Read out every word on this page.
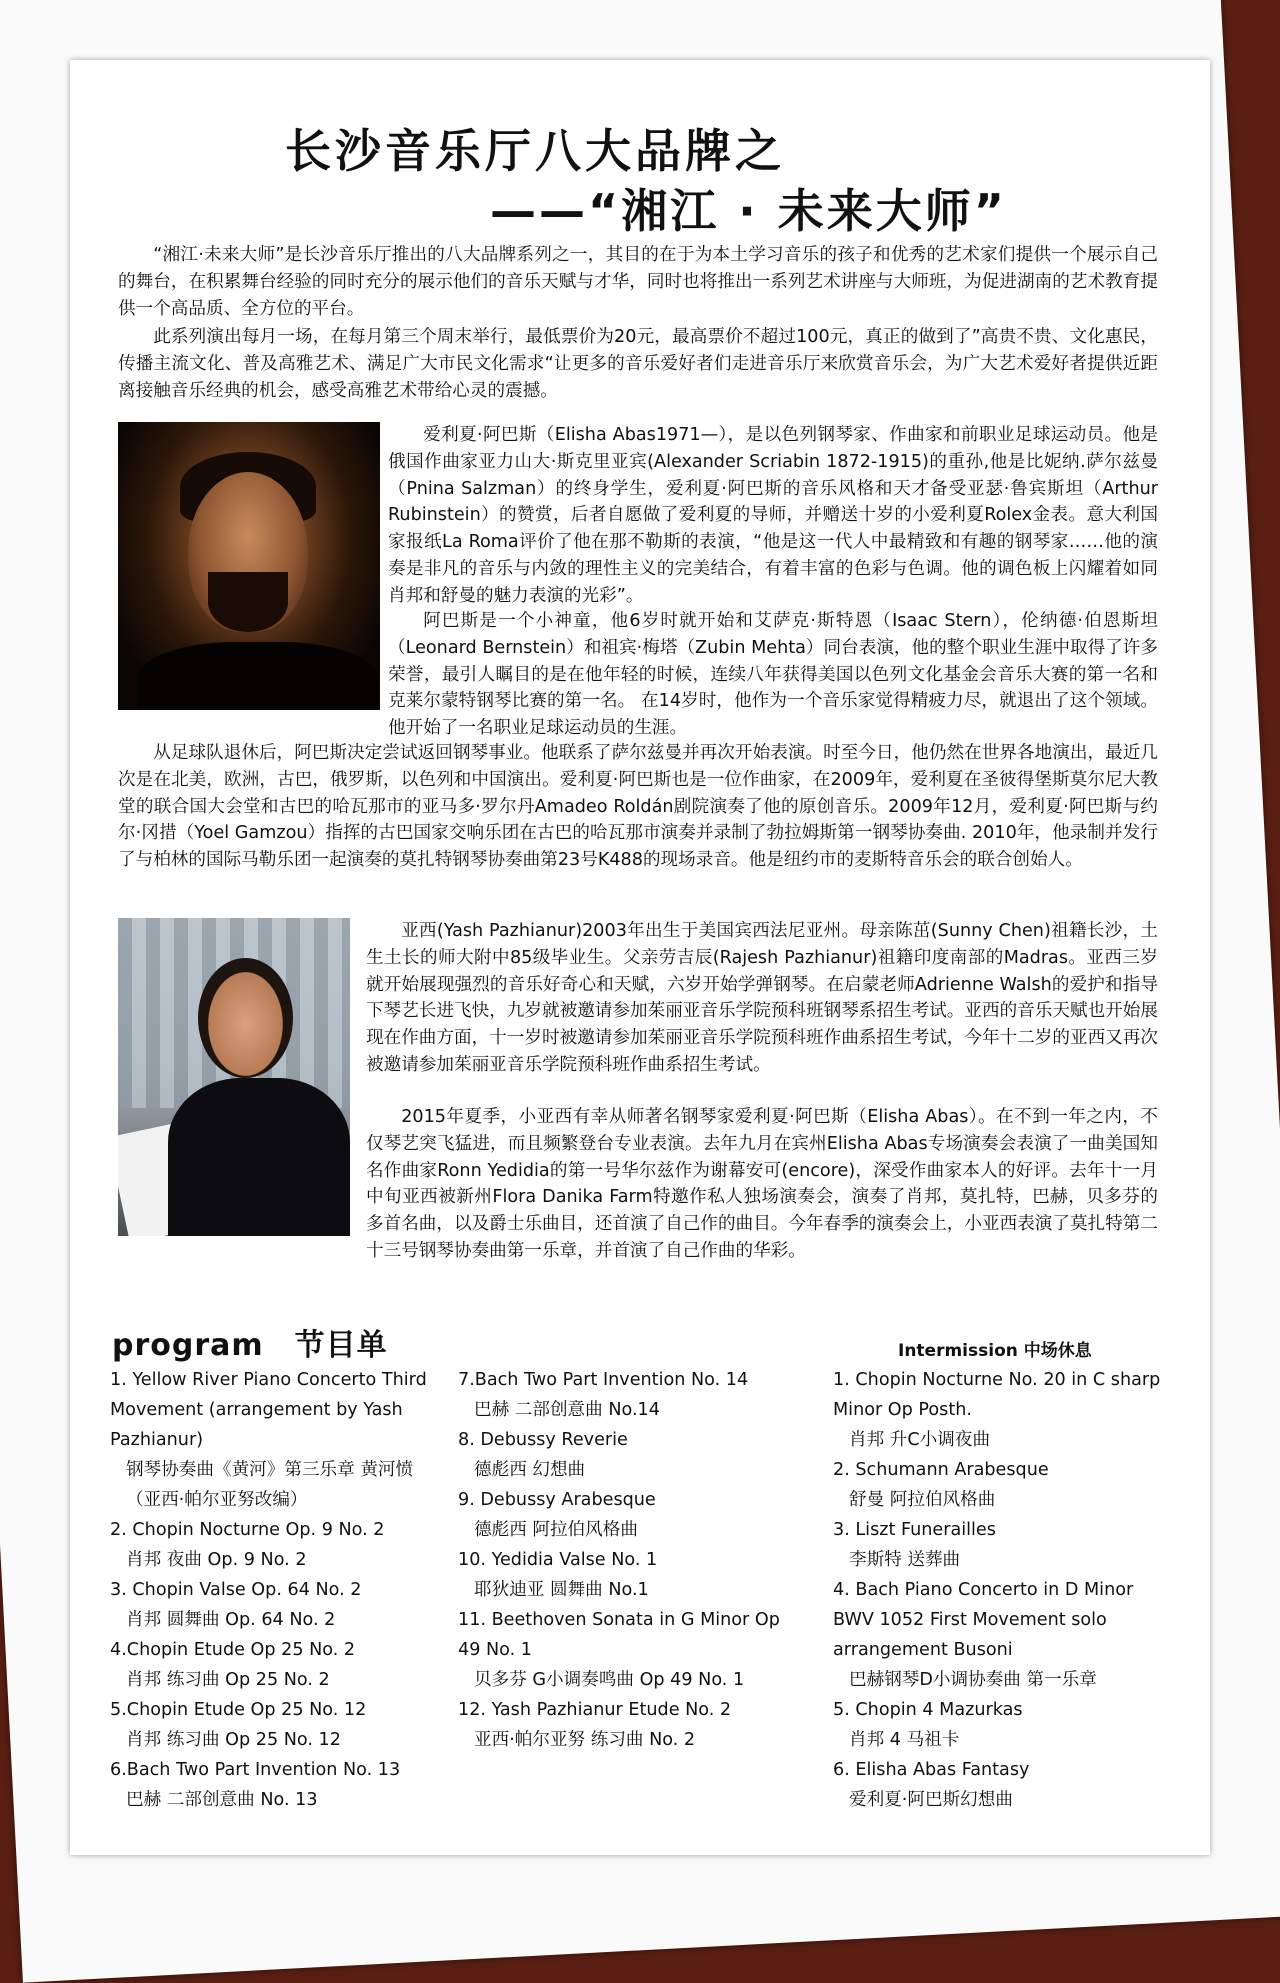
长沙音乐厅八大品牌之
——“湘江 · 未来大师”

“湘江·未来大师”是长沙音乐厅推出的八大品牌系列之一，其目的在于为本土学习音乐的孩子和优秀的艺术家们提供一个展示自己的舞台，在积累舞台经验的同时充分的展示他们的音乐天赋与才华，同时也将推出一系列艺术讲座与大师班，为促进湖南的艺术教育提供一个高品质、全方位的平台。

此系列演出每月一场，在每月第三个周末举行，最低票价为20元，最高票价不超过100元，真正的做到了”高贵不贵、文化惠民，传播主流文化、普及高雅艺术、满足广大市民文化需求“让更多的音乐爱好者们走进音乐厅来欣赏音乐会，为广大艺术爱好者提供近距离接触音乐经典的机会，感受高雅艺术带给心灵的震撼。

爱利夏·阿巴斯（Elisha Abas1971—），是以色列钢琴家、作曲家和前职业足球运动员。他是俄国作曲家亚力山大·斯克里亚宾(Alexander Scriabin 1872-1915)的重孙,他是比妮纳.萨尔兹曼（Pnina Salzman）的终身学生，爱利夏·阿巴斯的音乐风格和天才备受亚瑟·鲁宾斯坦（Arthur Rubinstein）的赞赏，后者自愿做了爱利夏的导师，并赠送十岁的小爱利夏Rolex金表。意大利国家报纸La Roma评价了他在那不勒斯的表演，“他是这一代人中最精致和有趣的钢琴家……他的演奏是非凡的音乐与内敛的理性主义的完美结合，有着丰富的色彩与色调。他的调色板上闪耀着如同肖邦和舒曼的魅力表演的光彩”。

阿巴斯是一个小神童，他6岁时就开始和艾萨克·斯特恩（Isaac Stern），伦纳德·伯恩斯坦（Leonard Bernstein）和祖宾·梅塔（Zubin Mehta）同台表演，他的整个职业生涯中取得了许多荣誉，最引人瞩目的是在他年轻的时候，连续八年获得美国以色列文化基金会音乐大赛的第一名和克莱尔蒙特钢琴比赛的第一名。 在14岁时，他作为一个音乐家觉得精疲力尽，就退出了这个领域。他开始了一名职业足球运动员的生涯。

从足球队退休后，阿巴斯决定尝试返回钢琴事业。他联系了萨尔兹曼并再次开始表演。时至今日，他仍然在世界各地演出，最近几次是在北美，欧洲，古巴，俄罗斯，以色列和中国演出。爱利夏·阿巴斯也是一位作曲家，在2009年，爱利夏在圣彼得堡斯莫尔尼大教堂的联合国大会堂和古巴的哈瓦那市的亚马多·罗尔丹Amadeo Roldán剧院演奏了他的原创音乐。2009年12月，爱利夏·阿巴斯与约尔·冈措（Yoel Gamzou）指挥的古巴国家交响乐团在古巴的哈瓦那市演奏并录制了勃拉姆斯第一钢琴协奏曲. 2010年，他录制并发行了与柏林的国际马勒乐团一起演奏的莫扎特钢琴协奏曲第23号K488的现场录音。他是纽约市的麦斯特音乐会的联合创始人。

亚西(Yash Pazhianur)2003年出生于美国宾西法尼亚州。母亲陈茁(Sunny Chen)祖籍长沙，土生土长的师大附中85级毕业生。父亲劳吉辰(Rajesh Pazhianur)祖籍印度南部的Madras。亚西三岁就开始展现强烈的音乐好奇心和天赋，六岁开始学弹钢琴。在启蒙老师Adrienne Walsh的爱护和指导下琴艺长进飞快，九岁就被邀请参加茱丽亚音乐学院预科班钢琴系招生考试。亚西的音乐天赋也开始展现在作曲方面，十一岁时被邀请参加茱丽亚音乐学院预科班作曲系招生考试，今年十二岁的亚西又再次被邀请参加茱丽亚音乐学院预科班作曲系招生考试。

2015年夏季，小亚西有幸从师著名钢琴家爱利夏·阿巴斯（Elisha Abas）。在不到一年之内，不仅琴艺突飞猛进，而且频繁登台专业表演。去年九月在宾州Elisha Abas专场演奏会表演了一曲美国知名作曲家Ronn Yedidia的第一号华尔兹作为谢幕安可(encore)，深受作曲家本人的好评。去年十一月中旬亚西被新州Flora Danika Farm特邀作私人独场演奏会，演奏了肖邦，莫扎特，巴赫，贝多芬的多首名曲，以及爵士乐曲目，还首演了自己作的曲目。今年春季的演奏会上，小亚西表演了莫扎特第二十三号钢琴协奏曲第一乐章，并首演了自己作曲的华彩。

program　节目单	Intermission 中场休息
1. Yellow River Piano Concerto Third Movement (arrangement by Yash Pazhianur)
钢琴协奏曲《黄河》第三乐章 黄河愤（亚西·帕尔亚努改编）
2. Chopin Nocturne Op. 9 No. 2
肖邦 夜曲 Op. 9 No. 2
3. Chopin Valse Op. 64 No. 2
肖邦 圆舞曲 Op. 64 No. 2
4.Chopin Etude Op 25 No. 2
肖邦 练习曲 Op 25 No. 2
5.Chopin Etude Op 25 No. 12
肖邦 练习曲 Op 25 No. 12
6.Bach Two Part Invention No. 13
巴赫 二部创意曲 No. 13
7.Bach Two Part Invention No. 14
巴赫 二部创意曲 No.14
8. Debussy Reverie
德彪西 幻想曲
9. Debussy Arabesque
德彪西 阿拉伯风格曲
10. Yedidia Valse No. 1
耶狄迪亚 圆舞曲 No.1
11. Beethoven Sonata in G Minor Op 49 No. 1
贝多芬 G小调奏鸣曲 Op 49 No. 1
12. Yash Pazhianur Etude No. 2
亚西·帕尔亚努 练习曲 No. 2
1. Chopin Nocturne No. 20 in C sharp Minor Op Posth.
肖邦 升C小调夜曲
2. Schumann Arabesque
舒曼 阿拉伯风格曲
3. Liszt Funerailles
李斯特 送葬曲
4. Bach Piano Concerto in D Minor BWV 1052 First Movement solo arrangement Busoni
巴赫钢琴D小调协奏曲 第一乐章
5. Chopin 4 Mazurkas
肖邦 4 马祖卡
6. Elisha Abas Fantasy
爱利夏·阿巴斯幻想曲
